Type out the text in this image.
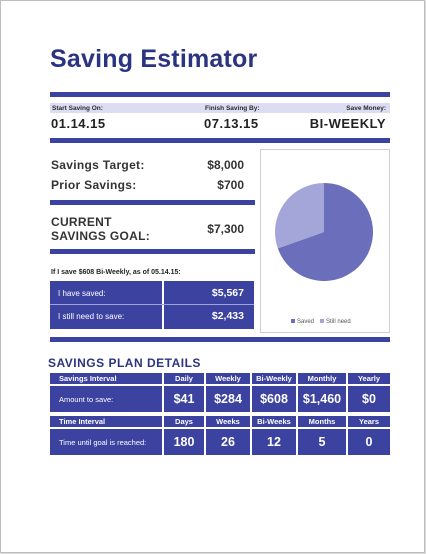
Saving Estimator
Start Saving On:	Finish Saving By:	Save Money:
01.14.15	07.13.15	BI-WEEKLY
Savings Target:	$8,000
Prior Savings:	$700
CURRENT
SAVINGS GOAL:	$7,300
If I save $608 Bi-Weekly, as of 05.14.15:
I have saved:	$5,567
I still need to save:	$2,433	Saved	Still need
SAVINGS PLAN DETAILS
Savings Interval	Daily	Weekly	Bi-Weekly	Monthly	Yearly
Amount to save:	$41	$284	$608	$1,460	$0
Time Interval	Days	Weeks	Bi-Weeks	Months	Years
Time until goal is reached:	180	26	12	5	0
